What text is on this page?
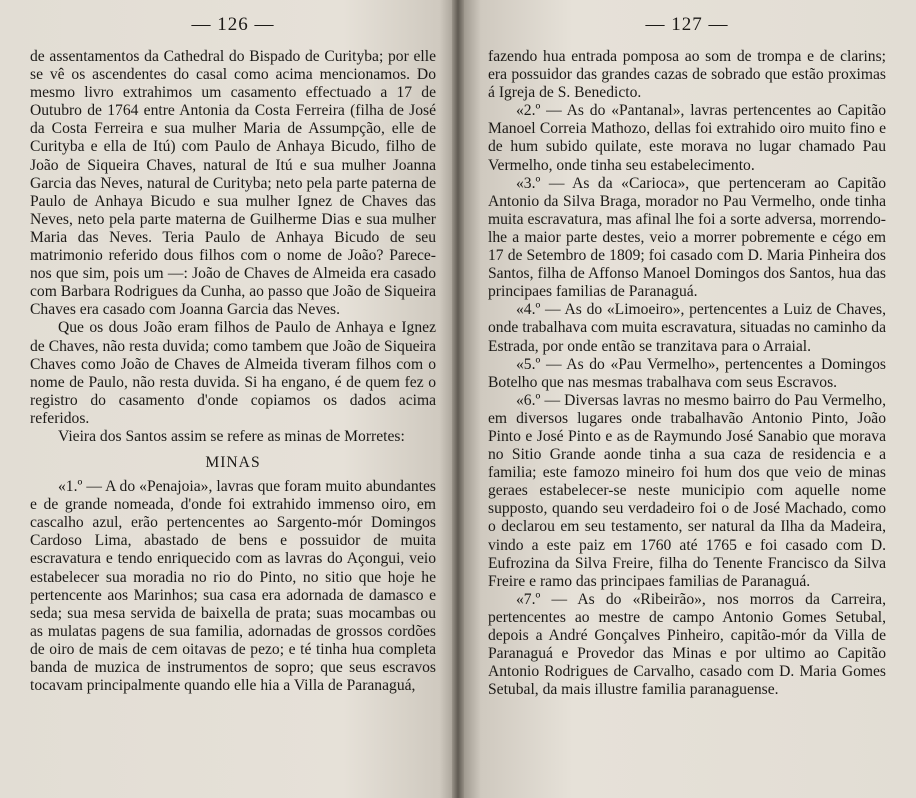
— 126 —

de assentamentos da Cathedral do Bispado de Curityba; por elle se vê os ascendentes do casal como acima mencionamos. Do mesmo livro extrahimos um casamento effectuado a 17 de Outubro de 1764 entre Antonia da Costa Ferreira (filha de José da Costa Ferreira e sua mulher Maria de Assumpção, elle de Curityba e ella de Itú) com Paulo de Anhaya Bicudo, filho de João de Siqueira Chaves, natural de Itú e sua mulher Joanna Garcia das Neves, natural de Curityba; neto pela parte paterna de Paulo de Anhaya Bicudo e sua mulher Ignez de Chaves das Neves, neto pela parte materna de Guilherme Dias e sua mulher Maria das Neves. Teria Paulo de Anhaya Bicudo de seu matrimonio referido dous filhos com o nome de João? Parece-nos que sim, pois um —: João de Chaves de Almeida era casado com Barbara Rodrigues da Cunha, ao passo que João de Siqueira Chaves era casado com Joanna Garcia das Neves.

Que os dous João eram filhos de Paulo de Anhaya e Ignez de Chaves, não resta duvida; como tambem que João de Siqueira Chaves como João de Chaves de Almeida tiveram filhos com o nome de Paulo, não resta duvida. Si ha engano, é de quem fez o registro do casamento d'onde copiamos os dados acima referidos.

Vieira dos Santos assim se refere as minas de Morretes:

MINAS

«1.º — A do «Penajoia», lavras que foram muito abundantes e de grande nomeada, d'onde foi extrahido immenso oiro, em cascalho azul, erão pertencentes ao Sargento-mór Domingos Cardoso Lima, abastado de bens e possuidor de muita escravatura e tendo enriquecido com as lavras do Açongui, veio estabelecer sua moradia no rio do Pinto, no sitio que hoje he pertencente aos Marinhos; sua casa era adornada de damasco e seda; sua mesa servida de baixella de prata; suas mocambas ou as mulatas pagens de sua familia, adornadas de grossos cordões de oiro de mais de cem oitavas de pezo; e té tinha hua completa banda de muzica de instrumentos de sopro; que seus escravos tocavam principalmente quando elle hia a Villa de Paranaguá,

— 127 —

fazendo hua entrada pomposa ao som de trompa e de clarins; era possuidor das grandes cazas de sobrado que estão proximas á Igreja de S. Benedicto.

«2.º — As do «Pantanal», lavras pertencentes ao Capitão Manoel Correia Mathozo, dellas foi extrahido oiro muito fino e de hum subido quilate, este morava no lugar chamado Pau Vermelho, onde tinha seu estabelecimento.

«3.º — As da «Carioca», que pertenceram ao Capitão Antonio da Silva Braga, morador no Pau Vermelho, onde tinha muita escravatura, mas afinal lhe foi a sorte adversa, morrendo-lhe a maior parte destes, veio a morrer pobremente e cégo em 17 de Setembro de 1809; foi casado com D. Maria Pinheira dos Santos, filha de Affonso Manoel Domingos dos Santos, hua das principaes familias de Paranaguá.

«4.º — As do «Limoeiro», pertencentes a Luiz de Chaves, onde trabalhava com muita escravatura, situadas no caminho da Estrada, por onde então se tranzitava para o Arraial.

«5.º — As do «Pau Vermelho», pertencentes a Domingos Botelho que nas mesmas trabalhava com seus Escravos.

«6.º — Diversas lavras no mesmo bairro do Pau Vermelho, em diversos lugares onde trabalhavão Antonio Pinto, João Pinto e José Pinto e as de Raymundo José Sanabio que morava no Sitio Grande aonde tinha a sua caza de residencia e a familia; este famozo mineiro foi hum dos que veio de minas geraes estabelecer-se neste municipio com aquelle nome supposto, quando seu verdadeiro foi o de José Machado, como o declarou em seu testamento, ser natural da Ilha da Madeira, vindo a este paiz em 1760 até 1765 e foi casado com D. Eufrozina da Silva Freire, filha do Tenente Francisco da Silva Freire e ramo das principaes familias de Paranaguá.

«7.º — As do «Ribeirão», nos morros da Carreira, pertencentes ao mestre de campo Antonio Gomes Setubal, depois a André Gonçalves Pinheiro, capitão-mór da Villa de Paranaguá e Provedor das Minas e por ultimo ao Capitão Antonio Rodrigues de Carvalho, casado com D. Maria Gomes Setubal, da mais illustre familia paranaguense.
